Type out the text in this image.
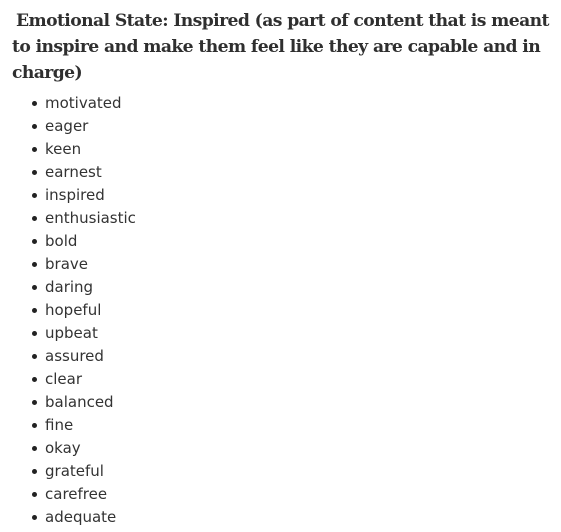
Emotional State: Inspired (as part of content that is meant to inspire and make them feel like they are capable and in charge)
motivated
eager
keen
earnest
inspired
enthusiastic
bold
brave
daring
hopeful
upbeat
assured
clear
balanced
fine
okay
grateful
carefree
adequate
